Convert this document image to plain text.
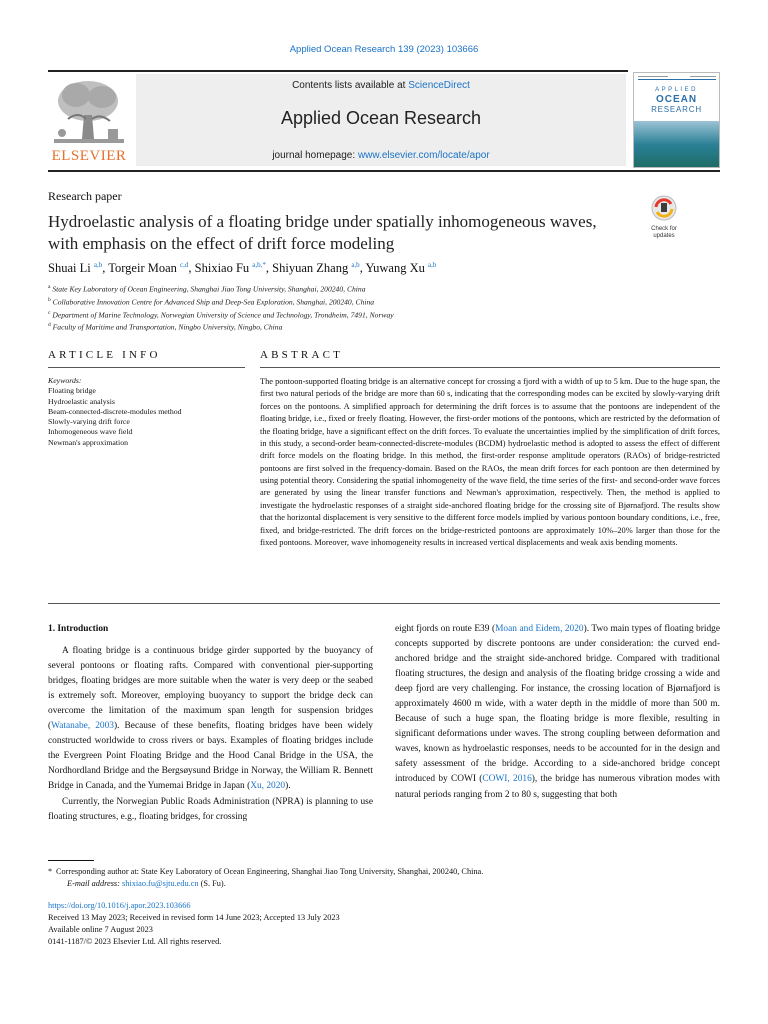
Applied Ocean Research 139 (2023) 103666
ELSEVIER
Contents lists available at ScienceDirect
Applied Ocean Research
journal homepage: www.elsevier.com/locate/apor
APPLIED
OCEAN
RESEARCH
Research paper
Hydroelastic analysis of a floating bridge under spatially inhomogeneous waves, with emphasis on the effect of drift force modeling
Check for
updates
Shuai Li $^{a,b}$, Torgeir Moan $^{c,d}$, Shixiao Fu $^{a,b,*}$, Shiyuan Zhang $^{a,b}$, Yuwang Xu $^{a,b}$
$^a$ State Key Laboratory of Ocean Engineering, Shanghai Jiao Tong University, Shanghai, 200240, China
$^b$ Collaborative Innovation Centre for Advanced Ship and Deep-Sea Exploration, Shanghai, 200240, China
$^c$ Department of Marine Technology, Norwegian University of Science and Technology, Trondheim, 7491, Norway
$^d$ Faculty of Maritime and Transportation, Ningbo University, Ningbo, China
ARTICLE INFO	ABSTRACT
Keywords:
Floating bridge
Hydroelastic analysis
Beam-connected-discrete-modules method
Slowly-varying drift force
Inhomogeneous wave field
Newman's approximation
The pontoon-supported floating bridge is an alternative concept for crossing a fjord with a width of up to 5 km. Due to the huge span, the first two natural periods of the bridge are more than 60 s, indicating that the corresponding modes can be excited by slowly-varying drift forces on the pontoons. A simplified approach for determining the drift forces is to assume that the pontoons are independent of the floating bridge, i.e., fixed or freely floating. However, the first-order motions of the pontoons, which are restricted by the deformation of the floating bridge, have a significant effect on the drift forces. To evaluate the uncertainties implied by the simplification of drift forces, in this study, a second-order beam-connected-discrete-modules (BCDM) hydroelastic method is adopted to assess the effect of different drift force models on the floating bridge. In this method, the first-order response amplitude operators (RAOs) of bridge-restricted pontoons are first solved in the frequency-domain. Based on the RAOs, the mean drift forces for each pontoon are then determined by using potential theory. Considering the spatial inhomogeneity of the wave field, the time series of the first- and second-order wave forces are generated by using the linear transfer functions and Newman's approximation, respectively. Then, the method is applied to investigate the hydroelastic responses of a straight side-anchored floating bridge for the crossing site of Bjørnafjord. The results show that the horizontal displacement is very sensitive to the different force models implied by various pontoon boundary conditions, i.e., free, fixed, and bridge-restricted. The drift forces on the bridge-restricted pontoons are approximately 10%–20% larger than those for the fixed pontoons. Moreover, wave inhomogeneity results in increased vertical displacements and weak axis bending moments.
1. Introduction

A floating bridge is a continuous bridge girder supported by the buoyancy of several pontoons or floating rafts. Compared with conventional pier-supporting bridges, floating bridges are more suitable when the water is very deep or the seabed is extremely soft. Moreover, employing buoyancy to support the bridge deck can overcome the limitation of the maximum span length for suspension bridges (Watanabe, 2003). Because of these benefits, floating bridges have been widely constructed worldwide to cross rivers or bays. Examples of floating bridges include the Evergreen Point Floating Bridge and the Hood Canal Bridge in the USA, the Nordhordland Bridge and the Bergsøysund Bridge in Norway, the William R. Bennett Bridge in Canada, and the Yumemai Bridge in Japan (Xu, 2020).

Currently, the Norwegian Public Roads Administration (NPRA) is planning to use floating structures, e.g., floating bridges, for crossing

eight fjords on route E39 (Moan and Eidem, 2020). Two main types of floating bridge concepts supported by discrete pontoons are under consideration: the curved end-anchored bridge and the straight side-anchored bridge. Compared with traditional floating structures, the design and analysis of the floating bridge crossing a wide and deep fjord are very challenging. For instance, the crossing location of Bjørnafjord is approximately 4600 m wide, with a water depth in the middle of more than 500 m. Because of such a huge span, the floating bridge is more flexible, resulting in significant deformations under waves. The strong coupling between deformation and waves, known as hydroelastic responses, needs to be accounted for in the design and safety assessment of the bridge. According to a side-anchored bridge concept introduced by COWI (COWI, 2016), the bridge has numerous vibration modes with natural periods ranging from 2 to 80 s, suggesting that both

* Corresponding author at: State Key Laboratory of Ocean Engineering, Shanghai Jiao Tong University, Shanghai, 200240, China.
E-mail address: shixiao.fu@sjtu.edu.cn (S. Fu).
https://doi.org/10.1016/j.apor.2023.103666
Received 13 May 2023; Received in revised form 14 June 2023; Accepted 13 July 2023
Available online 7 August 2023
0141-1187/© 2023 Elsevier Ltd. All rights reserved.
